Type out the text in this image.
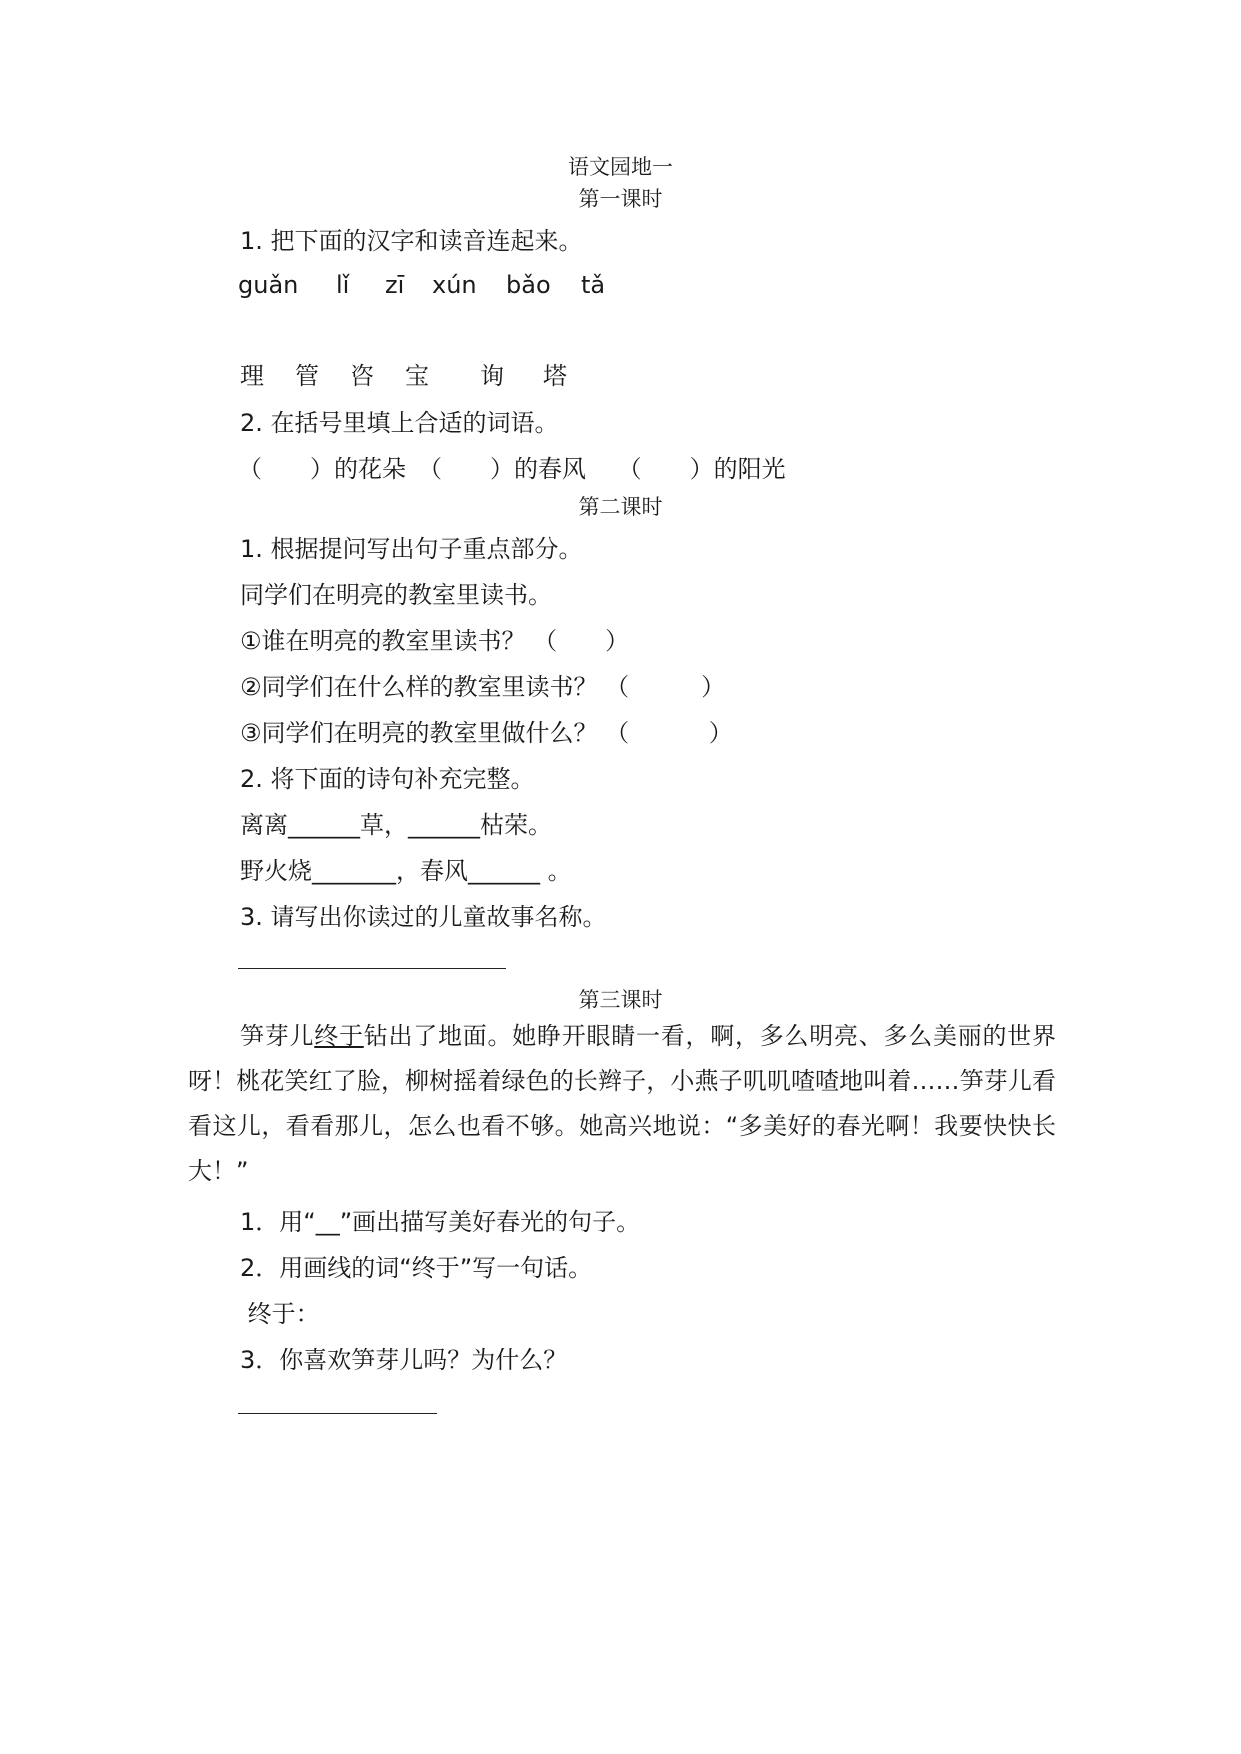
语文园地一
第一课时
1. 把下面的汉字和读音连起来。

guǎn

lǐ

zī

xún

bǎo

tǎ

理

管

咨

宝

询

塔

2. 在括号里填上合适的词语。
（　　）的花朵　（　　）的春风　 （　　）的阳光
第二课时
1. 根据提问写出句子重点部分。
同学们在明亮的教室里读书。
①谁在明亮的教室里读书？ （　　）
②同学们在什么样的教室里读书？ （　　　）
③同学们在明亮的教室里做什么？ （　　　 ）
2. 将下面的诗句补充完整。
离离______草，______枯荣。
野火烧_______，春风______ 。
3. 请写出你读过的儿童故事名称。
第三课时
笋芽儿终于钻出了地面。她睁开眼睛一看，啊，多么明亮、多么美丽的世界呀！桃花笑红了脸，柳树摇着绿色的长辫子，小燕子叽叽喳喳地叫着……笋芽儿看看这儿，看看那儿，怎么也看不够。她高兴地说：“多美好的春光啊！我要快快长大！”
1．用“__”画出描写美好春光的句子。
2．用画线的词“终于”写一句话。
终于：
3．你喜欢笋芽儿吗？为什么？
